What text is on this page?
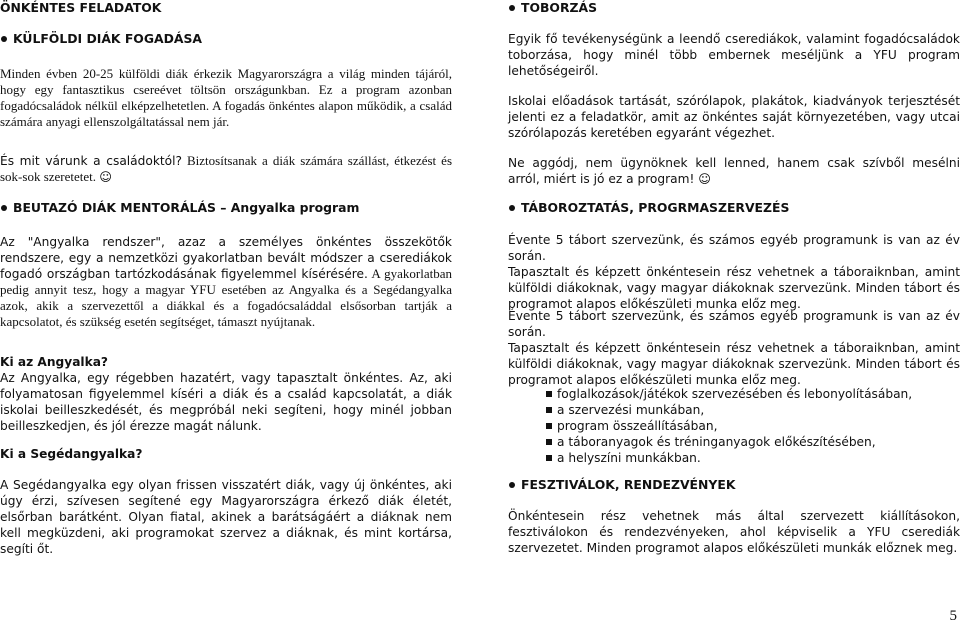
ÖNKÉNTES FELADATOK
KÜLFÖLDI DIÁK FOGADÁSA
Minden évben 20-25 külföldi diák érkezik Magyarországra a világ minden tájáról, hogy egy fantasztikus csereévet töltsön országunkban. Ez a program azonban fogadócsaládok nélkül elképzelhetetlen. A fogadás önkéntes alapon működik, a család számára anyagi ellenszolgáltatással nem jár.
És mit várunk a családoktól? Biztosítsanak a diák számára szállást, étkezést és sok-sok szeretetet. ☺
BEUTAZÓ DIÁK MENTORÁLÁS – Angyalka program
Az "Angyalka rendszer", azaz a személyes önkéntes összekötők rendszere, egy a nemzetközi gyakorlatban bevált módszer a cserediákok fogadó országban tartózkodásának figyelemmel kísérésére. A gyakorlatban pedig annyit tesz, hogy a magyar YFU esetében az Angyalka és a Segédangyalka azok, akik a szervezettől a diákkal és a fogadócsaláddal elsősorban tartják a kapcsolatot, és szükség esetén segítséget, támaszt nyújtanak.
Ki az Angyalka?
Az Angyalka, egy régebben hazatért, vagy tapasztalt önkéntes. Az, aki folyamatosan figyelemmel kíséri a diák és a család kapcsolatát, a diák iskolai beilleszkedését, és megpróbál neki segíteni, hogy minél jobban beilleszkedjen, és jól érezze magát nálunk.
Ki a Segédangyalka?
A Segédangyalka egy olyan frissen visszatért diák, vagy új önkéntes, aki úgy érzi, szívesen segítené egy Magyarországra érkező diák életét, elsőrban barátként. Olyan fiatal, akinek a barátságáért a diáknak nem kell megküzdeni, aki programokat szervez a diáknak, és mint kortársa, segíti őt.
TOBORZÁS
Egyik fő tevékenységünk a leendő cserediákok, valamint fogadócsaládok toborzása, hogy minél több embernek meséljünk a YFU program lehetőségeiről.
Iskolai előadások tartását, szórólapok, plakátok, kiadványok terjesztését jelenti ez a feladatkör, amit az önkéntes saját környezetében, vagy utcai szórólapozás keretében egyaránt végezhet.
Ne aggódj, nem ügynöknek kell lenned, hanem csak szívből mesélni arról, miért is jó ez a program! ☺
TÁBOROZTATÁS, PROGRMASZERVEZÉS
Évente 5 tábort szervezünk, és számos egyéb programunk is van az év során.
Tapasztalt és képzett önkéntesein rész vehetnek a táboraiknban, amint külföldi diákoknak, vagy magyar diákoknak szervezünk. Minden tábort és programot alapos előkészületi munka előz meg.
Évente 5 tábort szervezünk, és számos egyéb programunk is van az év során.
Tapasztalt és képzett önkéntesein rész vehetnek a táboraiknban, amint külföldi diákoknak, vagy magyar diákoknak szervezünk. Minden tábort és programot alapos előkészületi munka előz meg.
foglalkozások/játékok szervezésében és lebonyolításában,
a szervezési munkában,
program összeállításában,
a táboranyagok és tréninganyagok előkészítésében,
a helyszíni munkákban.
FESZTIVÁLOK, RENDEZVÉNYEK
Önkéntesein rész vehetnek más által szervezett kiállításokon, fesztiválokon és rendezvényeken, ahol képviselik a YFU cserediák szervezetet. Minden programot alapos előkészületi munkák előznek meg.
5
